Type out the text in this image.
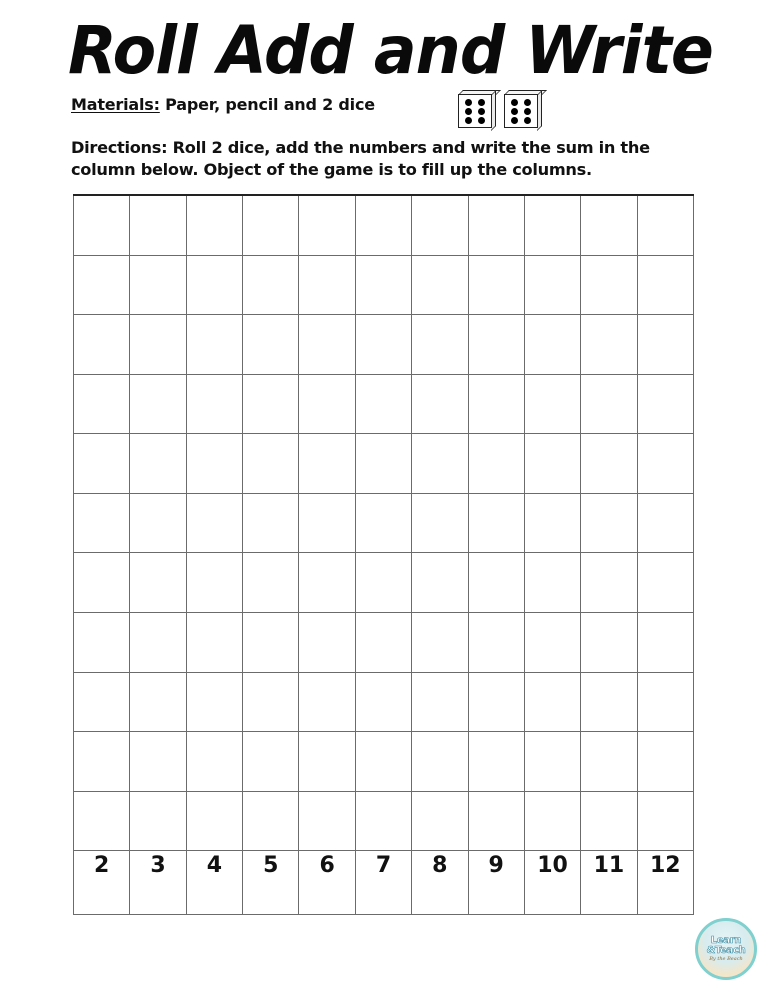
Roll Add and Write
Materials: Paper, pencil and 2 dice
Directions: Roll 2 dice, add the numbers and write the sum in the column below. Object of the game is to fill up the columns.

2	3	4	5	6	7	8	9	10	11	12
Learn
&Teach
By the Beach
